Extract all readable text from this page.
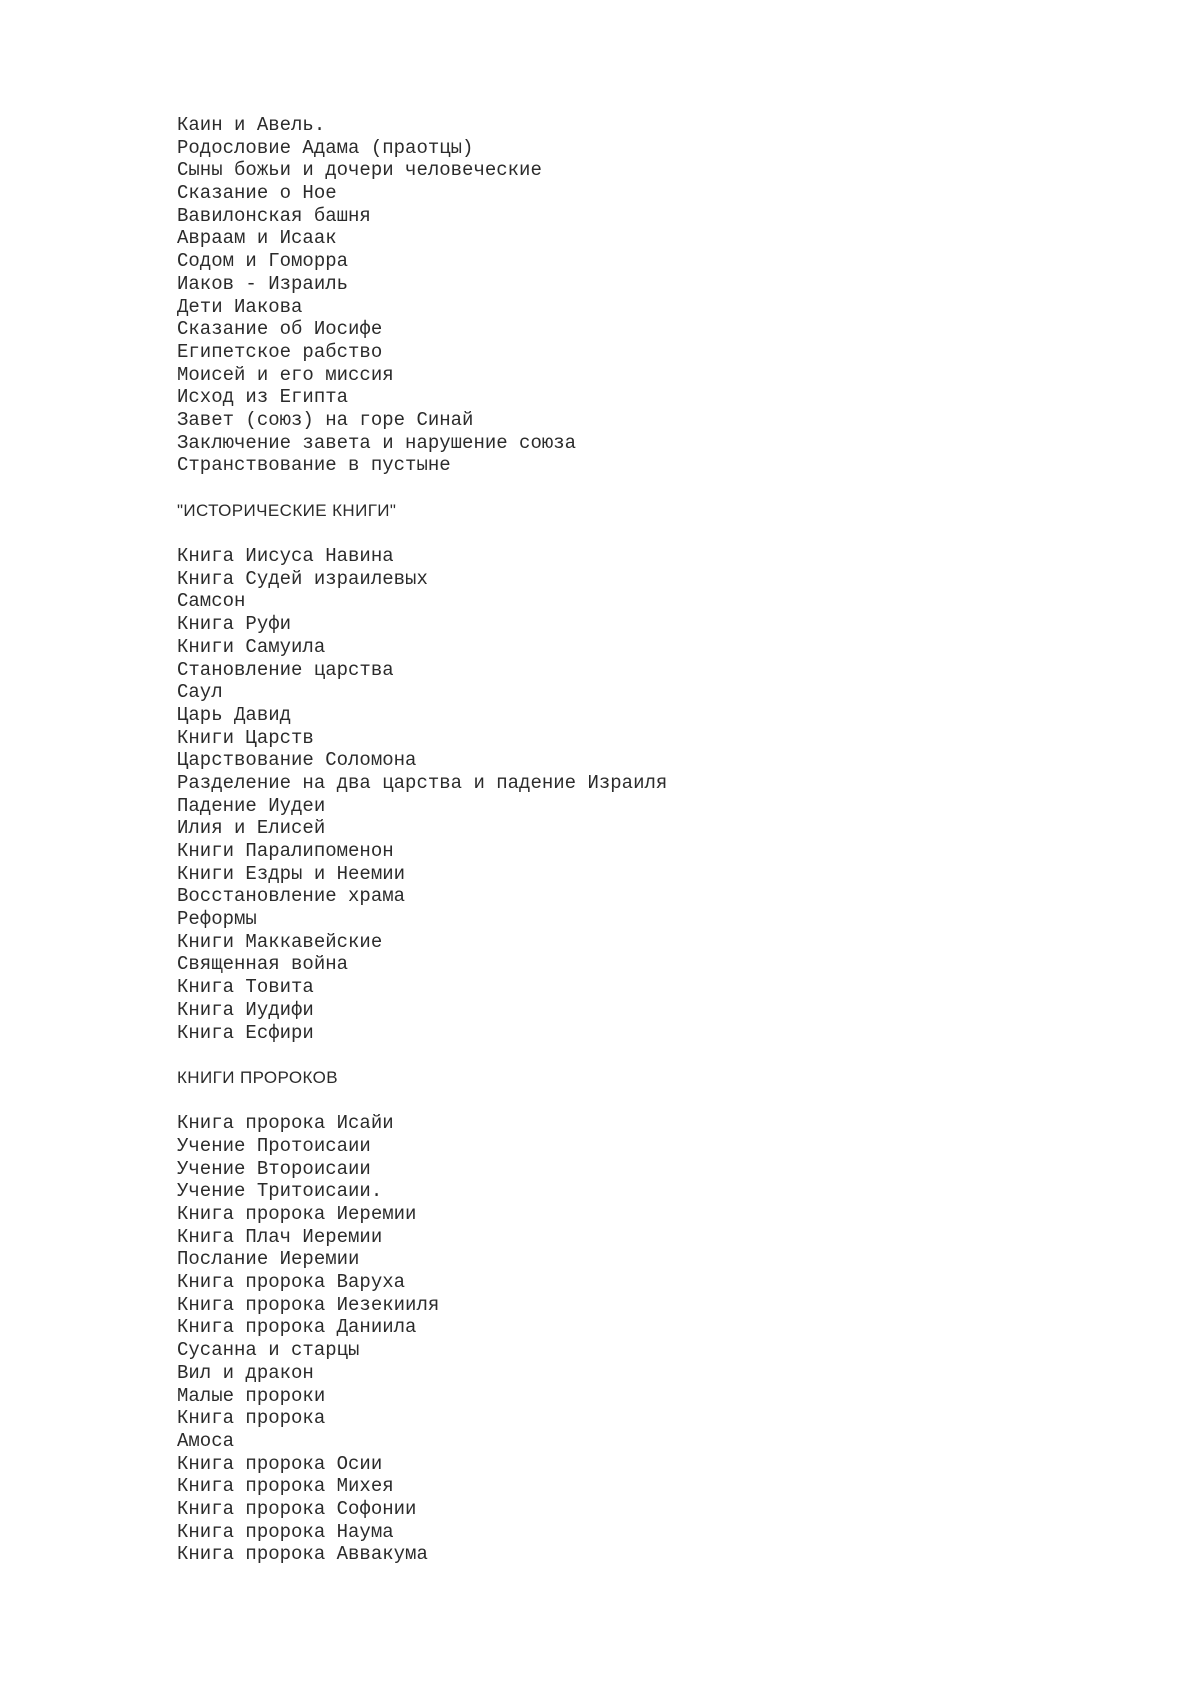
Каин и Авель.
Родословие Адама (праотцы)
Сыны божьи и дочери человеческие
Сказание о Ное
Вавилонская башня
Авраам и Исаак
Содом и Гоморра
Иаков - Израиль
Дети Иакова
Сказание об Иосифе
Египетское рабство
Моисей и его миссия
Исход из Египта
Завет (союз) на горе Синай
Заключение завета и нарушение союза
Странствование в пустыне
"ИСТОРИЧЕСКИЕ КНИГИ"
Книга Иисуса Навина
Книга Судей израилевых
Самсон
Книга Руфи
Книги Самуила
Становление царства
Саул
Царь Давид
Книги Царств
Царствование Соломона
Разделение на два царства и падение Израиля
Падение Иудеи
Илия и Елисей
Книги Паралипоменон
Книги Ездры и Неемии
Восстановление храма
Реформы
Книги Маккавейские
Священная война
Книга Товита
Книга Иудифи
Книга Есфири
КНИГИ ПРОРОКОВ
Книга пророка Исайи
Учение Протоисаии
Учение Второисаии
Учение Тритоисаии.
Книга пророка Иеремии
Книга Плач Иеремии
Послание Иеремии
Книга пророка Варуха
Книга пророка Иезекииля
Книга пророка Даниила
Сусанна и старцы
Вил и дракон
Малые пророки
Книга пророка
Амоса
Книга пророка Осии
Книга пророка Михея
Книга пророка Софонии
Книга пророка Наума
Книга пророка Аввакума
